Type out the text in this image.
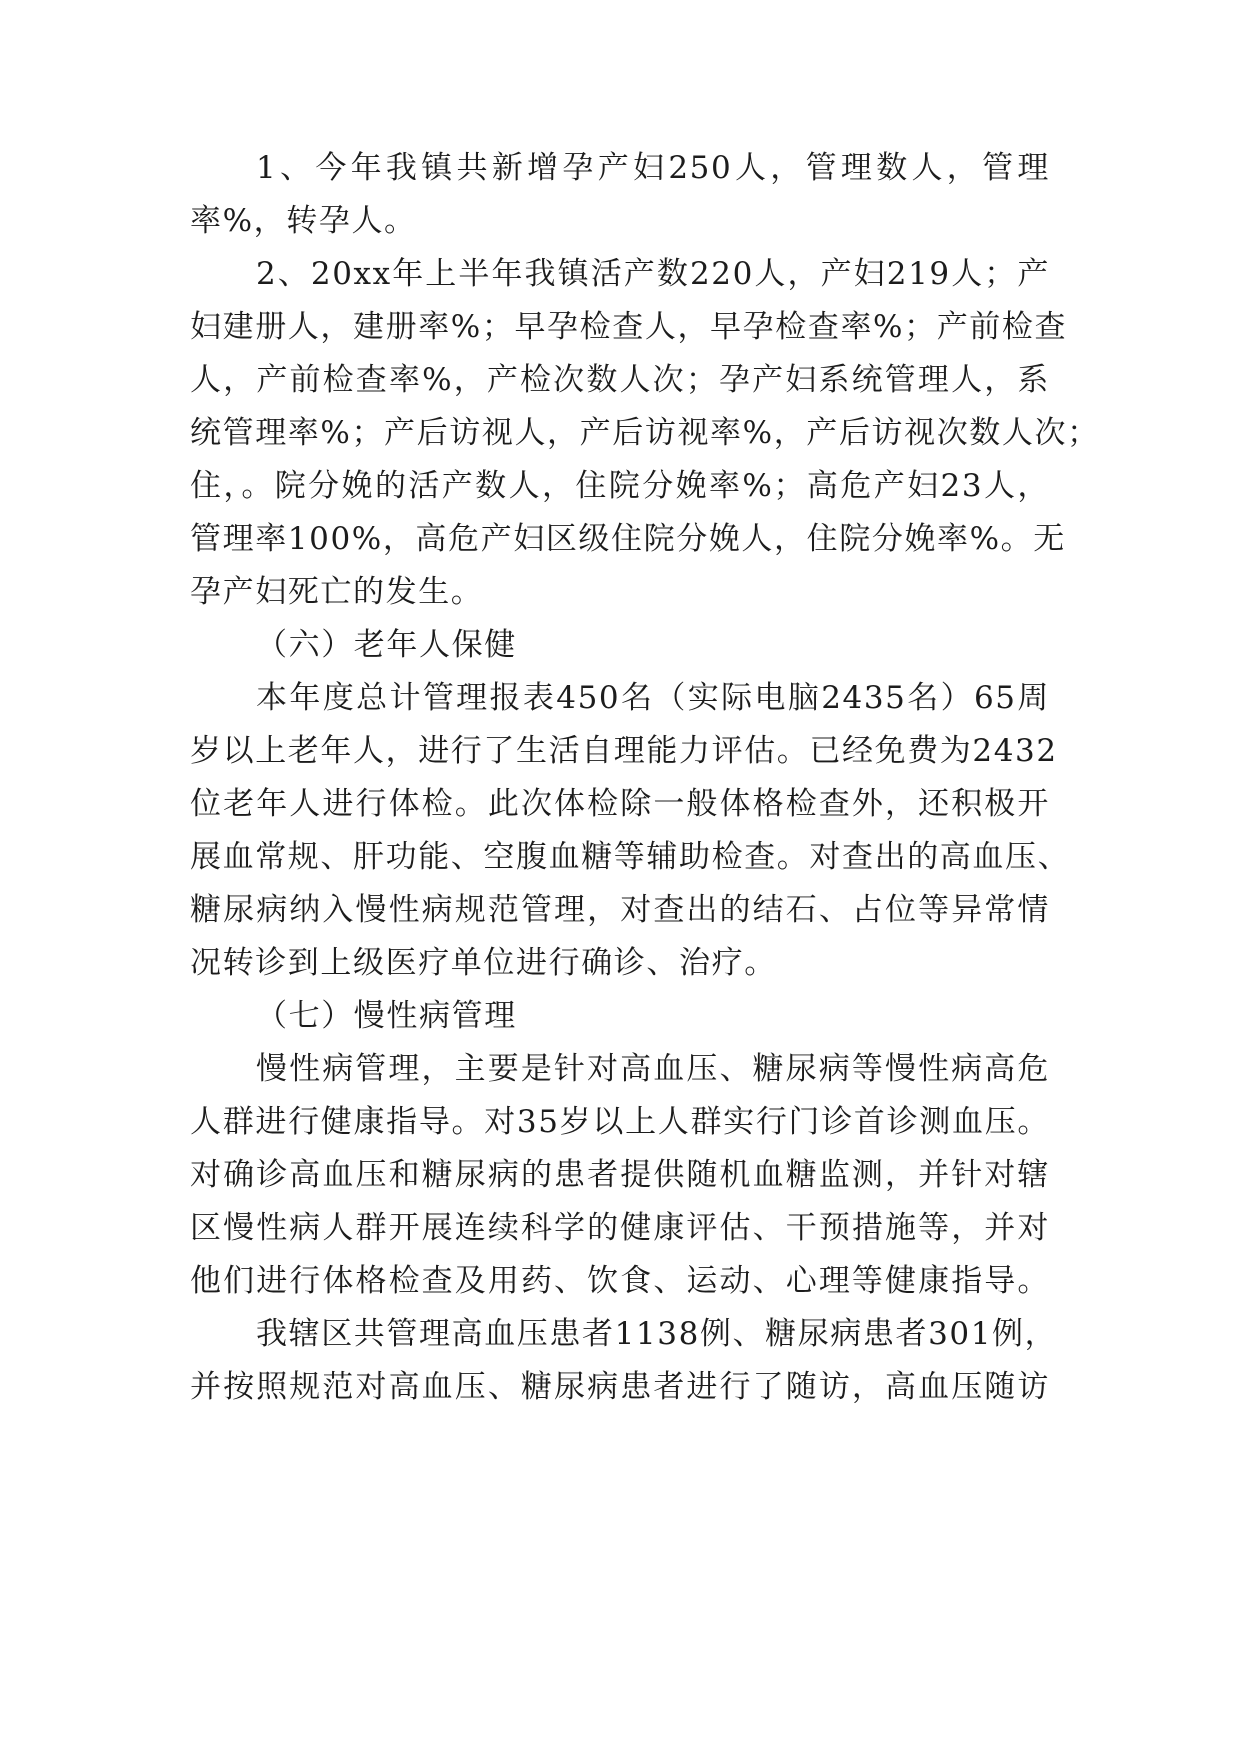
1、今年我镇共新增孕产妇250人，管理数人，管理
率%，转孕人。
2、20xx年上半年我镇活产数220人，产妇219人；产
妇建册人，建册率%；早孕检查人，早孕检查率%；产前检查
人，产前检查率%，产检次数人次；孕产妇系统管理人，系
统管理率%；产后访视人，产后访视率%，产后访视次数人次；
住，。院分娩的活产数人，住院分娩率%；高危产妇23人，
管理率100%，高危产妇区级住院分娩人，住院分娩率%。无
孕产妇死亡的发生。
（六）老年人保健
本年度总计管理报表450名（实际电脑2435名）65周
岁以上老年人，进行了生活自理能力评估。已经免费为2432
位老年人进行体检。此次体检除一般体格检查外，还积极开
展血常规、肝功能、空腹血糖等辅助检查。对查出的高血压、
糖尿病纳入慢性病规范管理，对查出的结石、占位等异常情
况转诊到上级医疗单位进行确诊、治疗。
（七）慢性病管理
慢性病管理，主要是针对高血压、糖尿病等慢性病高危
人群进行健康指导。对35岁以上人群实行门诊首诊测血压。
对确诊高血压和糖尿病的患者提供随机血糖监测，并针对辖
区慢性病人群开展连续科学的健康评估、干预措施等，并对
他们进行体格检查及用药、饮食、运动、心理等健康指导。
我辖区共管理高血压患者1138例、糖尿病患者301例，
并按照规范对高血压、糖尿病患者进行了随访，高血压随访
